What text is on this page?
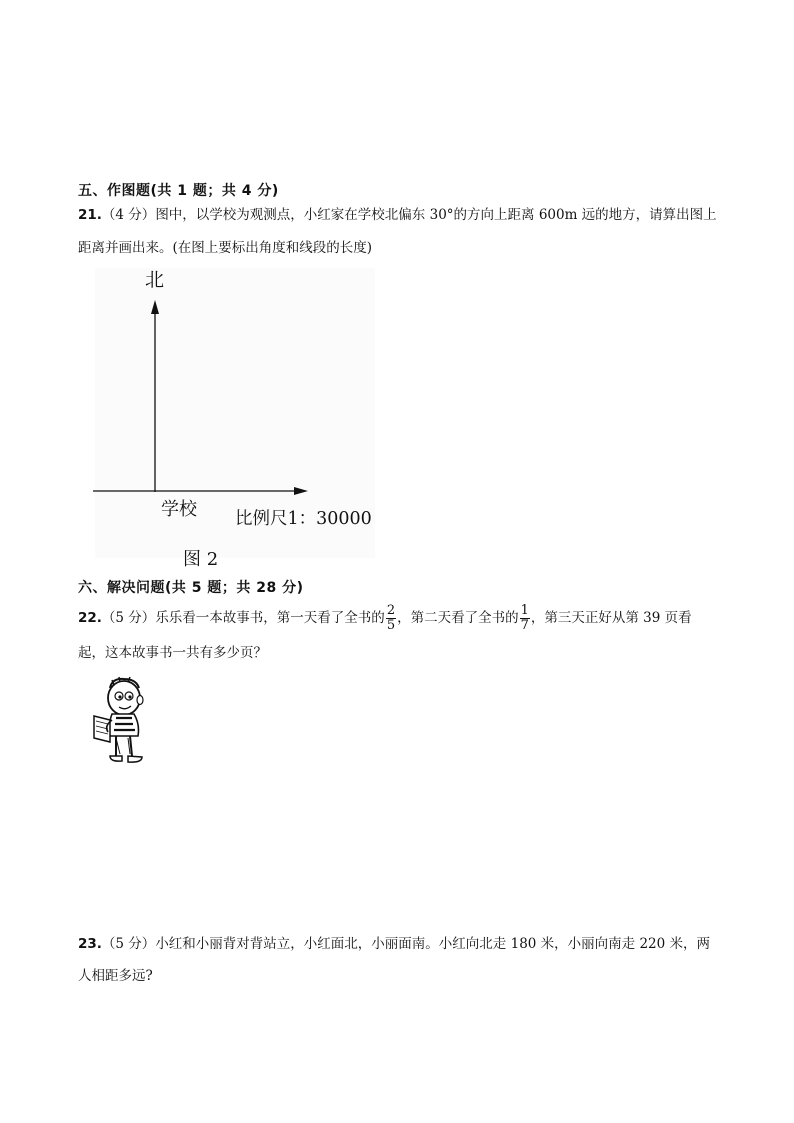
五、作图题(共 1 题；共 4 分)
21.（4 分）图中，以学校为观测点，小红家在学校北偏东 30°的方向上距离 600m 远的地方，请算出图上
距离并画出来。(在图上要标出角度和线段的长度)
北
学校 比例尺1：30000
图 2
六、解决问题(共 5 题；共 28 分)
22.（5 分）乐乐看一本故事书，第一天看了全书的 $\frac{2}{5}$ ，第二天看了全书的 $\frac{1}{7}$ ，第三天正好从第 39 页看
起，这本故事书一共有多少页？
23.（5 分）小红和小丽背对背站立，小红面北，小丽面南。小红向北走 180 米，小丽向南走 220 米，两
人相距多远?
